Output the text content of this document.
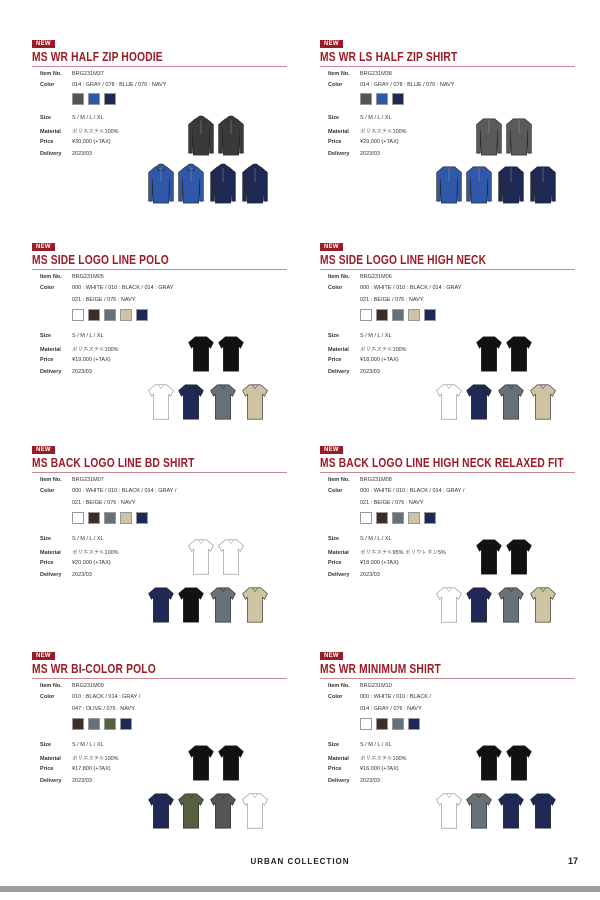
NEW
MS WR HALF ZIP HOODIE
Item No. BRG231M37
Color	014 : GRAY / 078 : BLUE / 076 : NAVY
Size	S / M / L / XL
Material ポリエステル100%
Price	¥30,000 (+TAX)
Delivery 2023/03
NEW
MS WR LS HALF ZIP SHIRT
Item No. BRG231M38
Color	014 : GRAY / 078 : BLUE / 076 : NAVY
Size	S / M / L / XL
Material ポリエステル100%
Price	¥29,000 (+TAX)
Delivery 2023/03
NEW
MS SIDE LOGO LINE POLO
Item No. BRG231M05
Color	000 : WHITE / 010 : BLACK / 014 : GRAY
021 : BEIGE / 076 : NAVY
Size	S / M / L / XL
Material ポリエステル100%
Price	¥19,000 (+TAX)
Delivery 2023/03
NEW
MS SIDE LOGO LINE HIGH NECK
Item No. BRG231M06
Color	000 : WHITE / 010 : BLACK / 014 : GRAY
021 : BEIGE / 076 : NAVY
Size	S / M / L / XL
Material ポリエステル100%
Price	¥18,000 (+TAX)
Delivery 2023/03
NEW
MS BACK LOGO LINE BD SHIRT
Item No. BRG231M07
Color	000 : WHITE / 010 : BLACK / 014 : GRAY /
021 : BEIGE / 076 : NAVY
Size	S / M / L / XL
Material ポリエステル100%
Price	¥20,000 (+TAX)
Delivery 2023/03
NEW
MS BACK LOGO LINE HIGH NECK RELAXED FIT
Item No. BRG231M08
Color	000 : WHITE / 010 : BLACK / 014 : GRAY /
021 : BEIGE / 076 : NAVY
Size	S / M / L / XL
Material ポリエステル95% ポリウレタン5%
Price	¥18,000 (+TAX)
Delivery 2023/03
NEW
MS WR BI-COLOR POLO
Item No. BRG231M09
Color	010 : BLACK / 014 : GRAY /
047 : OLIVE / 076 : NAVY
Size	S / M / L / XL
Material ポリエステル100%
Price	¥17,800 (+TAX)
Delivery 2023/03
NEW
MS WR MINIMUM SHIRT
Item No. BRG231M10
Color	000 : WHITE / 010 : BLACK /
014 : GRAY / 076 : NAVY
Size	S / M / L / XL
Material ポリエステル100%
Price	¥16,000 (+TAX)
Delivery 2023/03
URBAN COLLECTION	17
